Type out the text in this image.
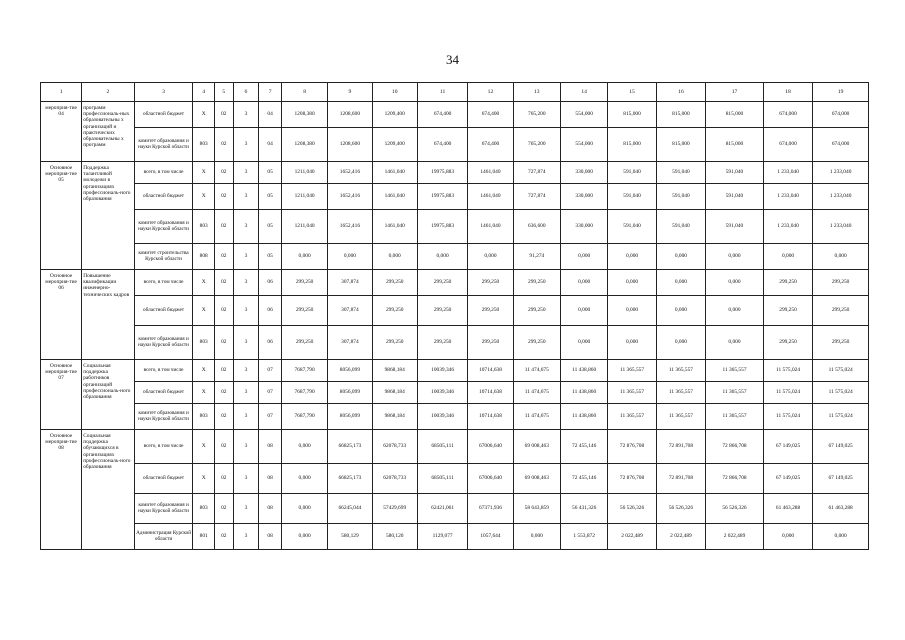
34
1	2	3	4	5	6	7	8	9	10	11	12	13	14	15	16	17	18	19
мероприя-тие 04	программ профессиональ-ных образовательны х организаций и практических образовательны х программ	областной бюджет	X	02	3	04	1208,380	1208,600	1209,400	674,400	674,400	765,200	554,000	815,000	815,000	815,000	674,000	674,000
		комитет образования и науки Курской области	803	02	3	04	1208,380	1208,600	1209,400	674,400	674,400	765,200	554,000	815,000	815,000	815,000	674,000	674,000
Основное мероприя-тие 05	Поддержка талантливой молодежи в организациях профессиональ-ного образования	всего, в том числе	X	02	3	05	1211,040	1652,416	1461,040	19975,883	1461,040	727,874	330,000	591,040	591,040	591,040	1 233,040	1 233,040
		областной бюджет	X	02	3	05	1211,040	1652,416	1461,040	19975,883	1461,040	727,874	330,000	591,040	591,040	591,040	1 233,040	1 233,040
		комитет образования и науки Курской области	803	02	3	05	1211,040	1652,416	1461,040	19975,883	1461,040	636,600	330,000	591,040	591,040	591,040	1 233,040	1 233,040
		комитет строительства Курской области	808	02	3	05	0,000	0,000	0,000	0,000	0,000	91,274	0,000	0,000	0,000	0,000	0,000	0,000
Основное мероприя-тие 06	Повышение квалификации инженерно-технических кадров	всего, в том числе	X	02	3	06	299,250	307,874	299,250	299,250	299,250	299,250	0,000	0,000	0,000	0,000	299,250	299,250
		областной бюджет	X	02	3	06	299,250	307,874	299,250	299,250	299,250	299,250	0,000	0,000	0,000	0,000	299,250	299,250
		комитет образования и науки Курской области	803	02	3	06	299,250	307,874	299,250	299,250	299,250	299,250	0,000	0,000	0,000	0,000	299,250	299,250
Основное мероприя-тие 07	Социальная поддержка работников организаций профессиональ-ного образования	всего, в том числе	X	02	3	07	7687,790	8056,099	9868,184	10039,346	10714,638	11 474,675	11 438,860	11 365,557	11 365,557	11 365,557	11 575,024	11 575,024
		областной бюджет	X	02	3	07	7687,790	8056,099	9868,184	10039,346	10714,638	11 474,675	11 438,860	11 365,557	11 365,557	11 365,557	11 575,024	11 575,024
		комитет образования и науки Курской области	803	02	3	07	7687,790	8056,099	9868,184	10039,346	10714,638	11 474,675	11 438,860	11 365,557	11 365,557	11 365,557	11 575,024	11 575,024
Основное мероприя-тие 08	Социальная поддержка обучающихся в организациях профессиональ-ного образования	всего, в том числе	X	02	3	08	0,000	66825,173	62078,733	68505,111	67006,640	69 008,463	72 455,146	72 876,708	72 891,708	72 866,708	67 149,025	67 149,025
		областной бюджет	X	02	3	08	0,000	66825,173	62078,733	68505,111	67006,640	69 008,463	72 455,146	72 876,708	72 891,708	72 866,708	67 149,025	67 149,025
		комитет образования и науки Курской области	803	02	3	08	0,000	66245,044	57429,699	62421,061	67371,936	58 643,859	56 431,326	56 526,326	56 526,326	56 526,326	61 463,288	61 463,288
		Администрация Курской области	801	02	3	08	0,000	580,129	580,120	1129,077	1057,644	0,000	1 553,872	2 022,489	2 022,489	2 022,489	0,000	0,000
